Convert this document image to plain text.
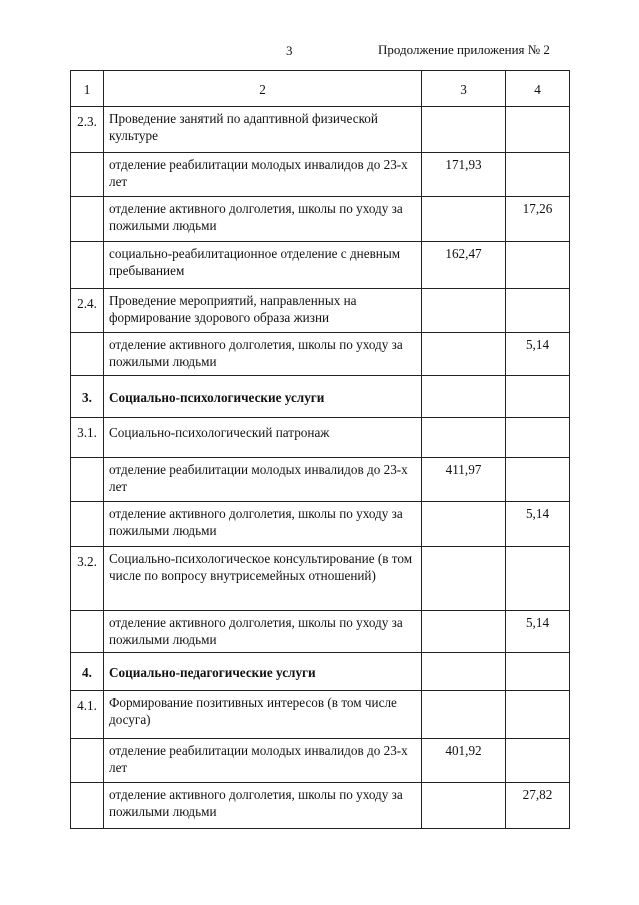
3	Продолжение приложения № 2
1	2	3	4
2.3.	Проведение занятий по адаптивной физической культуре		
	отделение реабилитации молодых инвалидов до 23-х лет	171,93	
	отделение активного долголетия, школы по уходу за пожилыми людьми		17,26
	социально-реабилитационное отделение с дневным пребыванием	162,47	
2.4.	Проведение мероприятий, направленных на формирование здорового образа жизни		
	отделение активного долголетия, школы по уходу за пожилыми людьми		5,14
3.	Социально-психологические услуги		
3.1.	Социально-психологический патронаж		
	отделение реабилитации молодых инвалидов до 23-х лет	411,97	
	отделение активного долголетия, школы по уходу за пожилыми людьми		5,14
3.2.	Социально-психологическое консультирование (в том числе по вопросу внутрисемейных отношений)		
	отделение активного долголетия, школы по уходу за пожилыми людьми		5,14
4.	Социально-педагогические услуги		
4.1.	Формирование позитивных интересов (в том числе досуга)		
	отделение реабилитации молодых инвалидов до 23-х лет	401,92	
	отделение активного долголетия, школы по уходу за пожилыми людьми		27,82
